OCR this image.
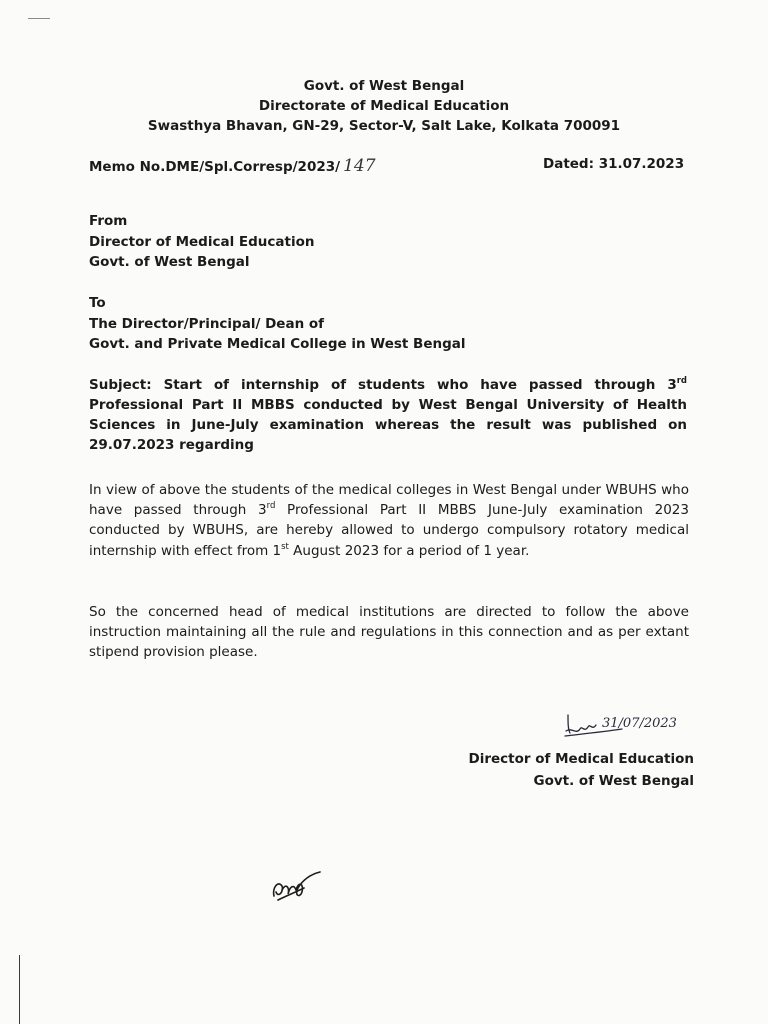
Govt. of West Bengal
Directorate of Medical Education
Swasthya Bhavan, GN-29, Sector-V, Salt Lake, Kolkata 700091
Memo No.DME/Spl.Corresp/2023/ 147	Dated: 31.07.2023
From
Director of Medical Education
Govt. of West Bengal
To
The Director/Principal/ Dean of
Govt. and Private Medical College in West Bengal
Subject: Start of internship of students who have passed through 3rd Professional Part II MBBS conducted by West Bengal University of Health Sciences in June-July examination whereas the result was published on 29.07.2023 regarding
In view of above the students of the medical colleges in West Bengal under WBUHS who have passed through 3rd Professional Part II MBBS June-July examination 2023 conducted by WBUHS, are hereby allowed to undergo compulsory rotatory medical internship with effect from 1st August 2023 for a period of 1 year.
So the concerned head of medical institutions are directed to follow the above instruction maintaining all the rule and regulations in this connection and as per extant stipend provision please.
31/07/2023
Director of Medical Education
Govt. of West Bengal
